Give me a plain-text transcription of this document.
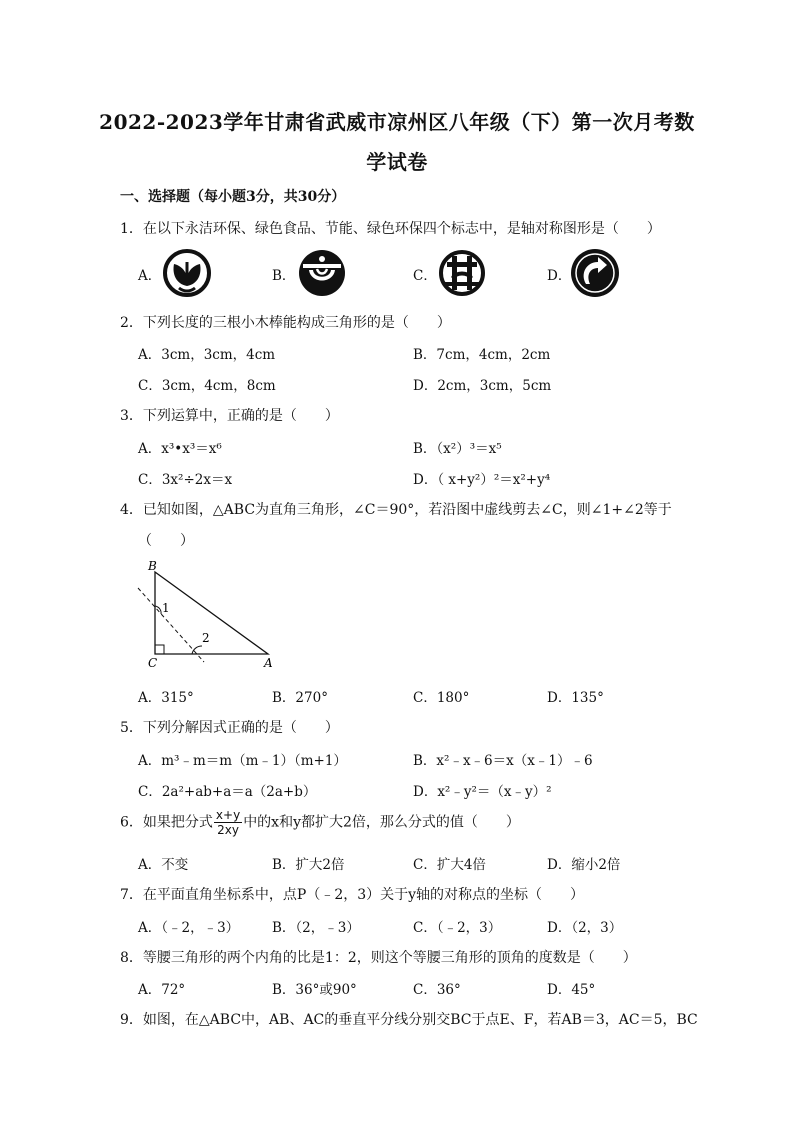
2022-2023学年甘肃省武威市凉州区八年级（下）第一次月考数
学试卷
一、选择题（每小题3分，共30分）
1．在以下永洁环保、绿色食品、节能、绿色环保四个标志中，是轴对称图形是（　　）
A．	B．	C．	D．
2．下列长度的三根小木棒能构成三角形的是（　　）
A．3cm，3cm，4cm	B．7cm，4cm，2cm
C．3cm，4cm，8cm	D．2cm，3cm，5cm
3．下列运算中，正确的是（　　）
A．x³•x³＝x⁶	B．（x²）³＝x⁵
C．3x²÷2x＝x	D．（ x+y²）²＝x²+y⁴
4．已知如图，△ABC为直角三角形，∠C＝90°，若沿图中虚线剪去∠C，则∠1+∠2等于
（　　）
B
C	A
1
2
A．315°	B．270°	C．180°	D．135°
5．下列分解因式正确的是（　　）
A．m³﹣m＝m（m﹣1）（m+1）	B．x²﹣x﹣6＝x（x﹣1）﹣6
C．2a²+ab+a＝a（2a+b）	D．x²﹣y²＝（x﹣y）²
6．如果把分式 $\frac{x+y}{2xy}$ 中的x和y都扩大2倍，那么分式的值（　　）
A．不变	B．扩大2倍	C．扩大4倍	D．缩小2倍
7．在平面直角坐标系中，点P（﹣2，3）关于y轴的对称点的坐标（　　）
A．（﹣2，﹣3） B．（2，﹣3）	C．（﹣2，3）	D．（2，3）
8．等腰三角形的两个内角的比是1：2，则这个等腰三角形的顶角的度数是（　　）
A．72°	B．36°或90°	C．36°	D．45°
9．如图，在△ABC中，AB、AC的垂直平分线分别交BC于点E、F，若AB＝3，AC＝5，BC
